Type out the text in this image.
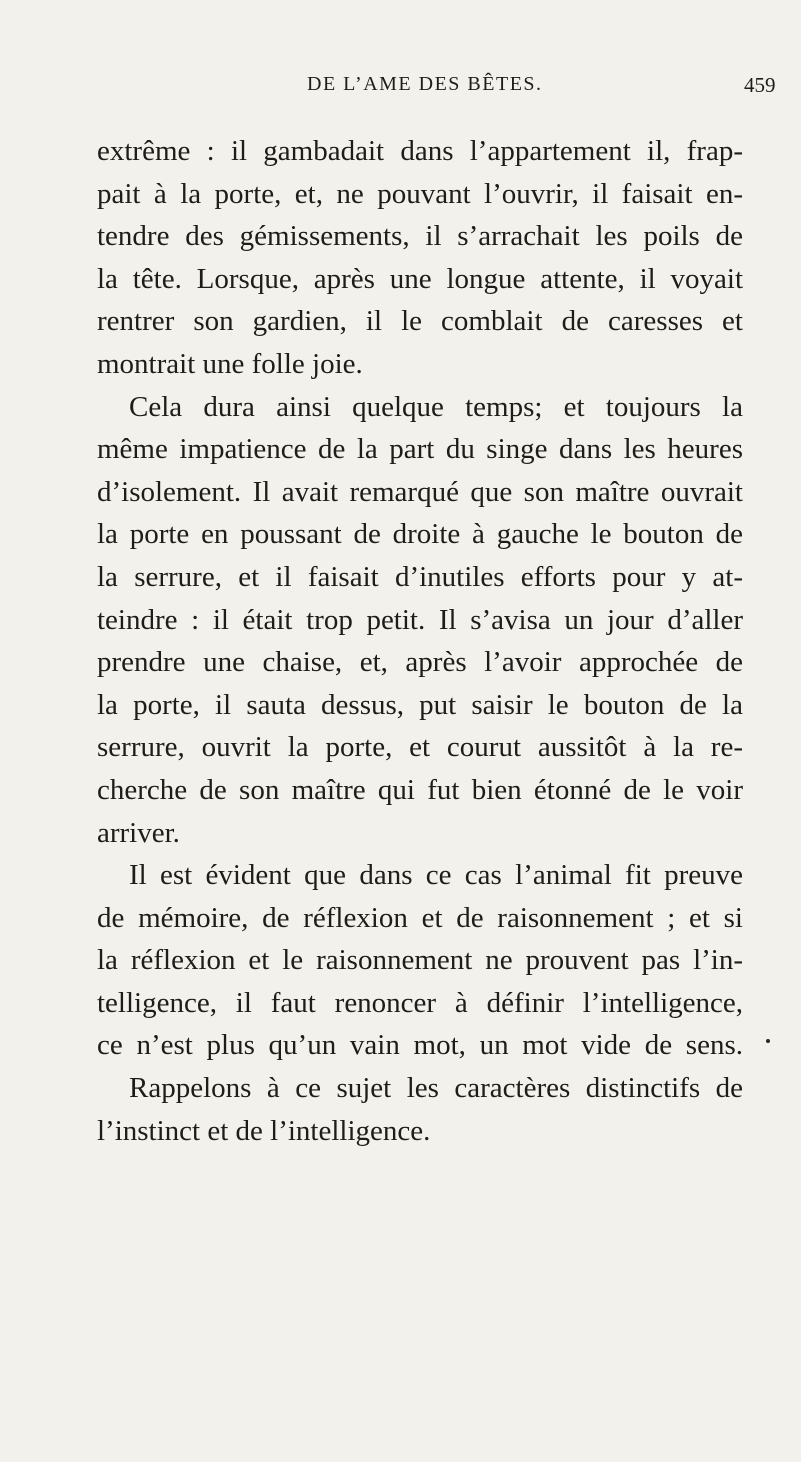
DE L’AME DES BÊTES.	459
extrême : il gambadait dans l’appartement il, frap-
pait à la porte, et, ne pouvant l’ouvrir, il faisait en-
tendre des gémissements, il s’arrachait les poils de
la tête. Lorsque, après une longue attente, il voyait
rentrer son gardien, il le comblait de caresses et
montrait une folle joie.
Cela dura ainsi quelque temps; et toujours la
même impatience de la part du singe dans les heures
d’isolement. Il avait remarqué que son maître ouvrait
la porte en poussant de droite à gauche le bouton de
la serrure, et il faisait d’inutiles efforts pour y at-
teindre : il était trop petit. Il s’avisa un jour d’aller
prendre une chaise, et, après l’avoir approchée de
la porte, il sauta dessus, put saisir le bouton de la
serrure, ouvrit la porte, et courut aussitôt à la re-
cherche de son maître qui fut bien étonné de le voir
arriver.
Il est évident que dans ce cas l’animal fit preuve
de mémoire, de réflexion et de raisonnement ; et si
la réflexion et le raisonnement ne prouvent pas l’in-
telligence, il faut renoncer à définir l’intelligence,
ce n’est plus qu’un vain mot, un mot vide de sens.
Rappelons à ce sujet les caractères distinctifs de
l’instinct et de l’intelligence.
